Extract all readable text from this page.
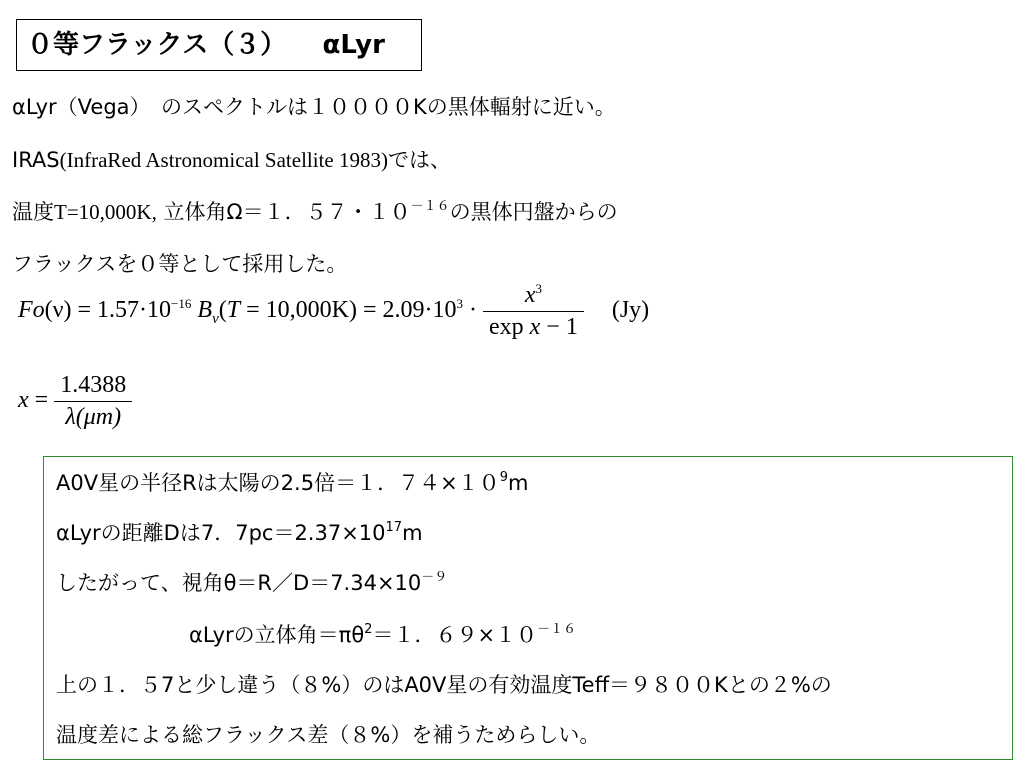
０等フラックス（３） αLyr
αLyr（Vega）　のスペクトルは１００００Kの黒体輻射に近い。
IRAS(InfraRed Astronomical Satellite 1983)では、
温度T=10,000K, 立体角Ω＝１．５７・$10^{-16}$の黒体円盤からの
フラックスを０等として採用した。
$Fo(\nu) = 1.57\cdot 10^{-16}$ $B_\nu(T = 10,000K) = 2.09\cdot 10^3 \cdot \frac{x^3}{\text{exp x − 1}} (Jy)$
$x = \frac{1.4388}{\lambda(\mu m)}$
A0V星の半径Rは太陽の2.5倍＝１．$74\times 10^9m$
αLyrの距離Dは7．$7pc=2.37\times 10^{17}m$
したがって、視角$\theta=R/D=7.34\times 10^{-9}$
αLyrの立体角$=\pi\theta^2=1$．$69\times 10^{-16}$
上の１．５7と少し違う（８%）のはA0V星の有効温度Teff＝９８００Kとの２%の
温度差による総フラックス差（８%）を補うためらしい。
